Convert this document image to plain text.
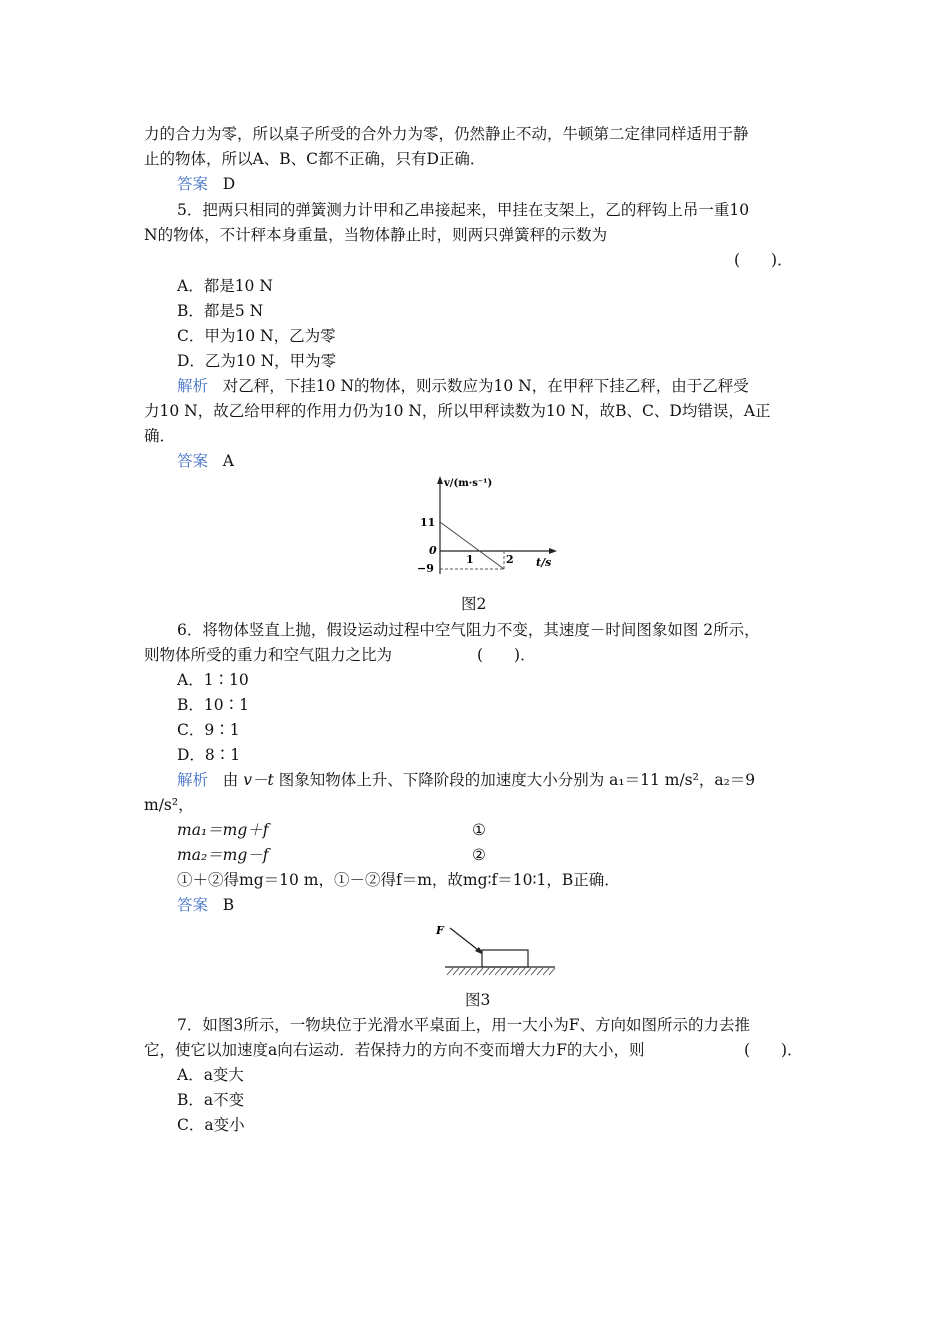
力的合力为零，所以桌子所受的合外力为零，仍然静止不动，牛顿第二定律同样适用于静
止的物体，所以A、B、C都不正确，只有D正确．
答案 D
5．把两只相同的弹簧测力计甲和乙串接起来，甲挂在支架上，乙的秤钩上吊一重10
N的物体，不计秤本身重量，当物体静止时，则两只弹簧秤的示数为
(　　)．
A．都是10 N
B．都是5 N
C．甲为10 N，乙为零
D．乙为10 N，甲为零
解析 对乙秤，下挂10 N的物体，则示数应为10 N，在甲秤下挂乙秤，由于乙秤受
力10 N，故乙给甲秤的作用力仍为10 N，所以甲秤读数为10 N，故B、C、D均错误，A正
确．
答案 A
v/(m·s⁻¹)
11
0
−9
1	2 t/s
图2
6．将物体竖直上抛，假设运动过程中空气阻力不变，其速度－时间图象如图 2所示，
则物体所受的重力和空气阻力之比为	(　　)．
A．1∶10
B．10∶1
C．9∶1
D．8∶1
解析 由 v－t 图象知物体上升、下降阶段的加速度大小分别为 a₁＝11 m/s²，a₂＝9
m/s²，
ma₁＝mg＋f	①
ma₂＝mg－f	②
①＋②得mg＝10 m，①－②得f＝m，故mg∶f＝10∶1，B正确．
答案 B
F
图3
7．如图3所示，一物块位于光滑水平桌面上，用一大小为F、方向如图所示的力去推
它，使它以加速度a向右运动．若保持力的方向不变而增大力F的大小，则	(　　)．
A．a变大
B．a不变
C．a变小
